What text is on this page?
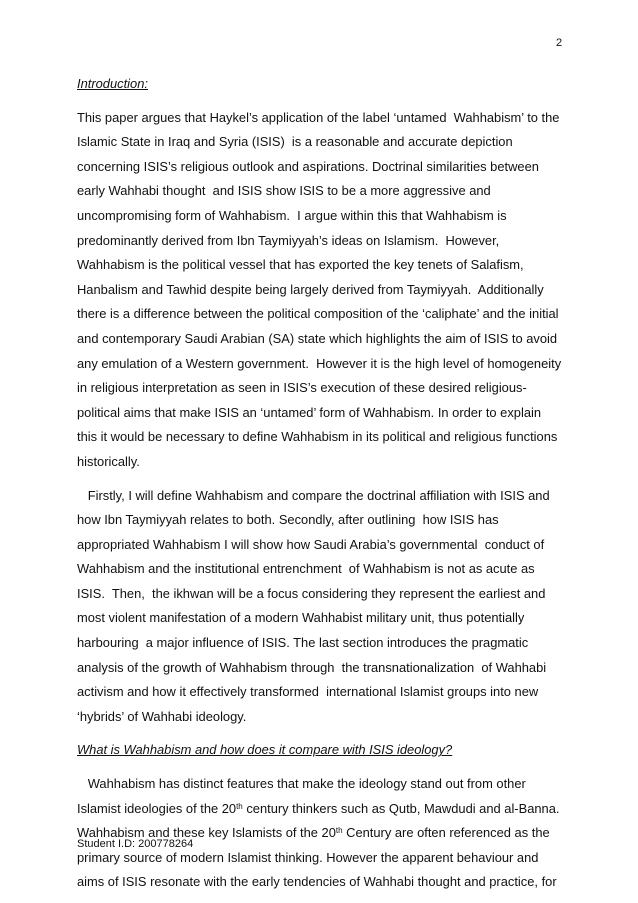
2

Introduction:

This paper argues that Haykel’s application of the label ‘untamed  Wahhabism’ to the
Islamic State in Iraq and Syria (ISIS)  is a reasonable and accurate depiction
concerning ISIS’s religious outlook and aspirations. Doctrinal similarities between
early Wahhabi thought  and ISIS show ISIS to be a more aggressive and
uncompromising form of Wahhabism.  I argue within this that Wahhabism is
predominantly derived from Ibn Taymiyyah’s ideas on Islamism.  However,
Wahhabism is the political vessel that has exported the key tenets of Salafism,
Hanbalism and Tawhid despite being largely derived from Taymiyyah.  Additionally
there is a difference between the political composition of the ‘caliphate’ and the initial
and contemporary Saudi Arabian (SA) state which highlights the aim of ISIS to avoid
any emulation of a Western government.  However it is the high level of homogeneity
in religious interpretation as seen in ISIS’s execution of these desired religious-
political aims that make ISIS an ‘untamed’ form of Wahhabism. In order to explain
this it would be necessary to define Wahhabism in its political and religious functions
historically.

Firstly, I will define Wahhabism and compare the doctrinal affiliation with ISIS and
how Ibn Taymiyyah relates to both. Secondly, after outlining  how ISIS has
appropriated Wahhabism I will show how Saudi Arabia’s governmental  conduct of
Wahhabism and the institutional entrenchment  of Wahhabism is not as acute as
ISIS.  Then,  the ikhwan will be a focus considering they represent the earliest and
most violent manifestation of a modern Wahhabist military unit, thus potentially
harbouring  a major influence of ISIS. The last section introduces the pragmatic
analysis of the growth of Wahhabism through  the transnationalization  of Wahhabi
activism and how it effectively transformed  international Islamist groups into new
‘hybrids’ of Wahhabi ideology.

What is Wahhabism and how does it compare with ISIS ideology?

Wahhabism has distinct features that make the ideology stand out from other
Islamist ideologies of the 20th century thinkers such as Qutb, Mawdudi and al-Banna.
Wahhabism and these key Islamists of the 20th Century are often referenced as the
primary source of modern Islamist thinking. However the apparent behaviour and
aims of ISIS resonate with the early tendencies of Wahhabi thought and practice, for

Student I.D: 200778264
